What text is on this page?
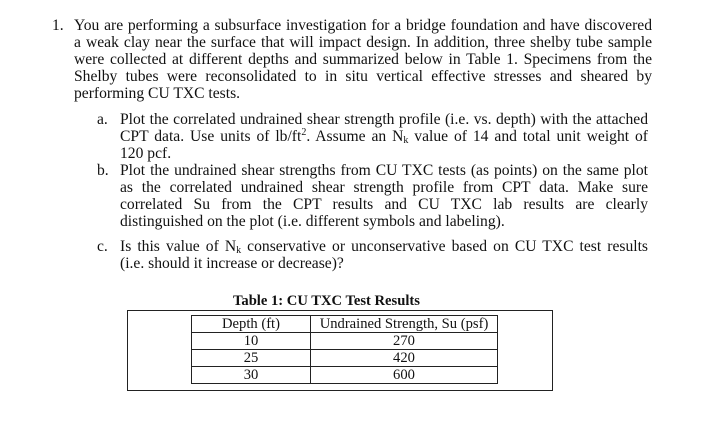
1. You are performing a subsurface investigation for a bridge foundation and have discovered
a weak clay near the surface that will impact design. In addition, three shelby tube sample
were collected at different depths and summarized below in Table 1. Specimens from the
Shelby tubes were reconsolidated to in situ vertical effective stresses and sheared by
performing CU TXC tests.
a. Plot the correlated undrained shear strength profile (i.e. vs. depth) with the attached
CPT data. Use units of $lb/ft^2$. Assume an Nk value of 14 and total unit weight of
120 pcf.
b. Plot the undrained shear strengths from CU TXC tests (as points) on the same plot
as the correlated undrained shear strength profile from CPT data. Make sure
correlated Su from the CPT results and CU TXC lab results are clearly
distinguished on the plot (i.e. different symbols and labeling).
c. Is this value of Nk conservative or unconservative based on CU TXC test results
(i.e. should it increase or decrease)?
Table 1: CU TXC Test Results
Depth (ft)	Undrained Strength, Su (psf)
10	270
25	420
30	600
